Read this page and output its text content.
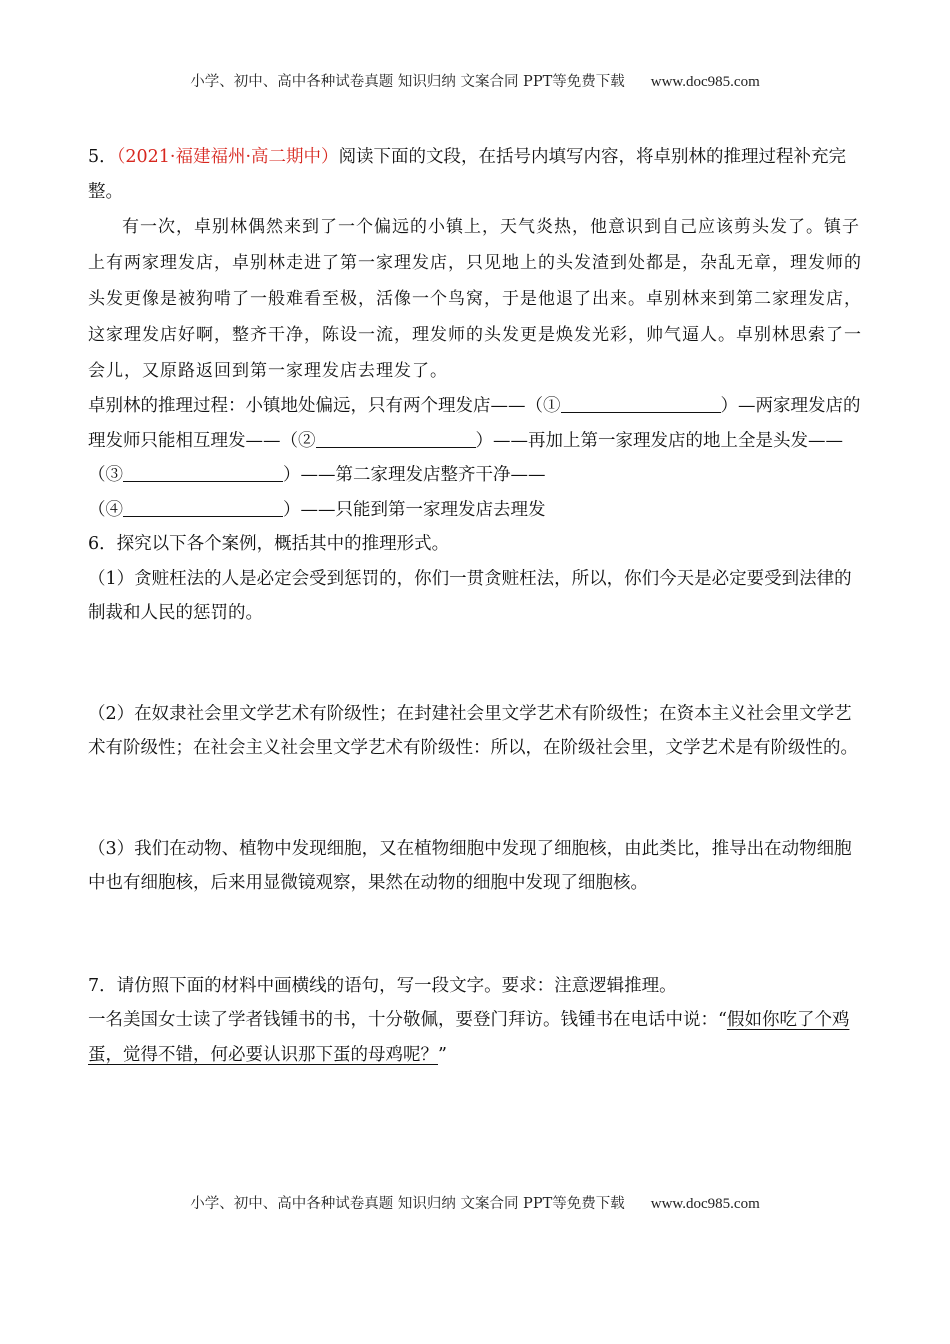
小学、初中、高中各种试卷真题 知识归纳 文案合同 PPT等免费下载 www.doc985.com

5．（2021·福建福州·高二期中）阅读下面的文段，在括号内填写内容，将卓别林的推理过程补充完整。

有一次，卓别林偶然来到了一个偏远的小镇上，天气炎热，他意识到自己应该剪头发了。镇子上有两家理发店，卓别林走进了第一家理发店，只见地上的头发渣到处都是，杂乱无章，理发师的头发更像是被狗啃了一般难看至极，活像一个鸟窝，于是他退了出来。卓别林来到第二家理发店，这家理发店好啊，整齐干净，陈设一流，理发师的头发更是焕发光彩，帅气逼人。卓别林思索了一会儿，又原路返回到第一家理发店去理发了。

卓别林的推理过程：小镇地处偏远，只有两个理发店——（①	）—两家理发店的理发师只能相互理发——（②	）——再加上第一家理发店的地上全是头发——（③	）——第二家理发店整齐干净——
（④	）——只能到第一家理发店去理发

6．探究以下各个案例，概括其中的推理形式。

（1）贪赃枉法的人是必定会受到惩罚的，你们一贯贪赃枉法，所以，你们今天是必定要受到法律的制裁和人民的惩罚的。

（2）在奴隶社会里文学艺术有阶级性；在封建社会里文学艺术有阶级性；在资本主义社会里文学艺术有阶级性；在社会主义社会里文学艺术有阶级性：所以，在阶级社会里，文学艺术是有阶级性的。

（3）我们在动物、植物中发现细胞，又在植物细胞中发现了细胞核，由此类比，推导出在动物细胞中也有细胞核，后来用显微镜观察，果然在动物的细胞中发现了细胞核。

7．请仿照下面的材料中画横线的语句，写一段文字。要求：注意逻辑推理。

一名美国女士读了学者钱锺书的书，十分敬佩，要登门拜访。钱锺书在电话中说：“假如你吃了个鸡蛋，觉得不错，何必要认识那下蛋的母鸡呢？”

小学、初中、高中各种试卷真题 知识归纳 文案合同 PPT等免费下载 www.doc985.com
